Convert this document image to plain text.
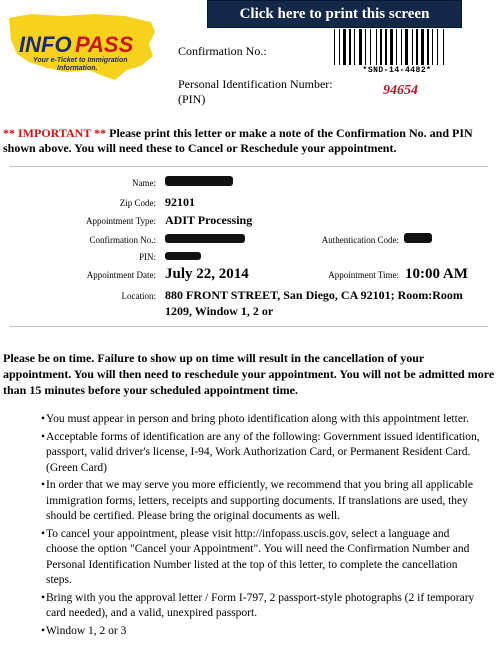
Click here to print this screen
INFO PASS
Your e-Ticket to Immigration
Information.
Confirmation No.:
Personal Identification Number: (PIN)
*SND-14-4482*
94654
** IMPORTANT ** Please print this letter or make a note of the Confirmation No. and PIN shown above. You will need these to Cancel or Reschedule your appointment.
Name:
Zip Code: 92101
Appointment Type: ADIT Processing
Confirmation No.:	Authentication Code:
PIN:
Appointment Date: July 22, 2014	Appointment Time: 10:00 AM
Location: 880 FRONT STREET, San Diego, CA 92101; Room:Room 1209, Window 1, 2 or
Please be on time. Failure to show up on time will result in the cancellation of your appointment. You will then need to reschedule your appointment. You will not be admitted more than 15 minutes before your scheduled appointment time.
• You must appear in person and bring photo identification along with this appointment letter.
• Acceptable forms of identification are any of the following: Government issued identification, passport, valid driver's license, I-94, Work Authorization Card, or Permanent Resident Card. (Green Card)
• In order that we may serve you more efficiently, we recommend that you bring all applicable immigration forms, letters, receipts and supporting documents. If translations are used, they should be certified. Please bring the original documents as well.
• To cancel your appointment, please visit http://infopass.uscis.gov, select a language and choose the option "Cancel your Appointment". You will need the Confirmation Number and Personal Identification Number listed at the top of this letter, to complete the cancellation steps.
• Bring with you the approval letter / Form I-797, 2 passport-style photographs (2 if temporary card needed), and a valid, unexpired passport.
• Window 1, 2 or 3
